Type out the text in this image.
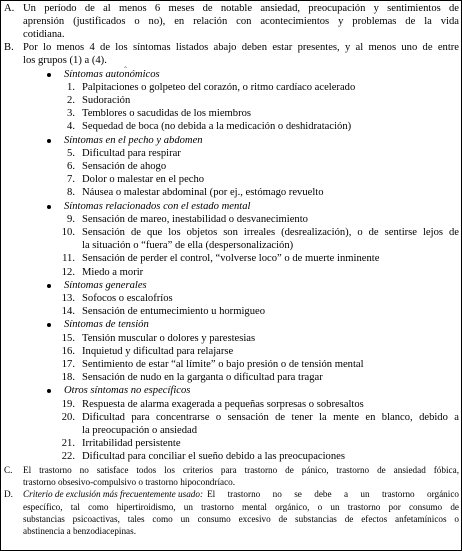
A. Un período de al menos 6 meses de notable ansiedad, preocupación y sentimientos de
aprensión (justificados o no), en relación con acontecimientos y problemas de la vida
cotidiana.
B. Por lo menos 4 de los síntomas listados abajo deben estar presentes, y al menos uno de entre
los grupos (1) a (4). ‸
Síntomas autonómicos
1. Palpitaciones o golpeteo del corazón, o ritmo cardíaco acelerado
2. Sudoración
3. Temblores o sacudidas de los miembros
4. Sequedad de boca (no debida a la medicación o deshidratación)
Síntomas en el pecho y abdomen
5. Dificultad para respirar
6. Sensación de ahogo
7. Dolor o malestar en el pecho
8. Náusea o malestar abdominal (por ej., estómago revuelto
Síntomas relacionados con el estado mental
9. Sensación de mareo, inestabilidad o desvanecimiento
10. Sensación de que los objetos son irreales (desrealización), o de sentirse lejos de
la situación o “fuera” de ella (despersonalización)
11. Sensación de perder el control, “volverse loco” o de muerte inminente
12. Miedo a morir
Síntomas generales
13. Sofocos o escalofríos
14. Sensación de entumecimiento u hormigueo
Síntomas de tensión
15. Tensión muscular o dolores y parestesias
16. Inquietud y dificultad para relajarse
17. Sentimiento de estar “al límite” o bajo presión o de tensión mental
18. Sensación de nudo en la garganta o dificultad para tragar
Otros síntomas no específicos
19. Respuesta de alarma exagerada a pequeñas sorpresas o sobresaltos
20. Dificultad para concentrarse o sensación de tener la mente en blanco, debido a
la preocupación o ansiedad
21. Irritabilidad persistente
22. Dificultad para conciliar el sueño debido a las preocupaciones
C. El trastorno no satisface todos los criterios para trastorno de pánico, trastorno de ansiedad fóbica,
trastorno obsesivo-compulsivo o trastorno hipocondríaco.
D. Criterio de exclusión más frecuentemente usado: El trastorno no se debe a un trastorno orgánico
específico, tal como hipertiroidismo, un trastorno mental orgánico, o un trastorno por consumo de
substancias psicoactivas, tales como un consumo excesivo de substancias de efectos anfetamínicos o
abstinencia a benzodiacepinas.
